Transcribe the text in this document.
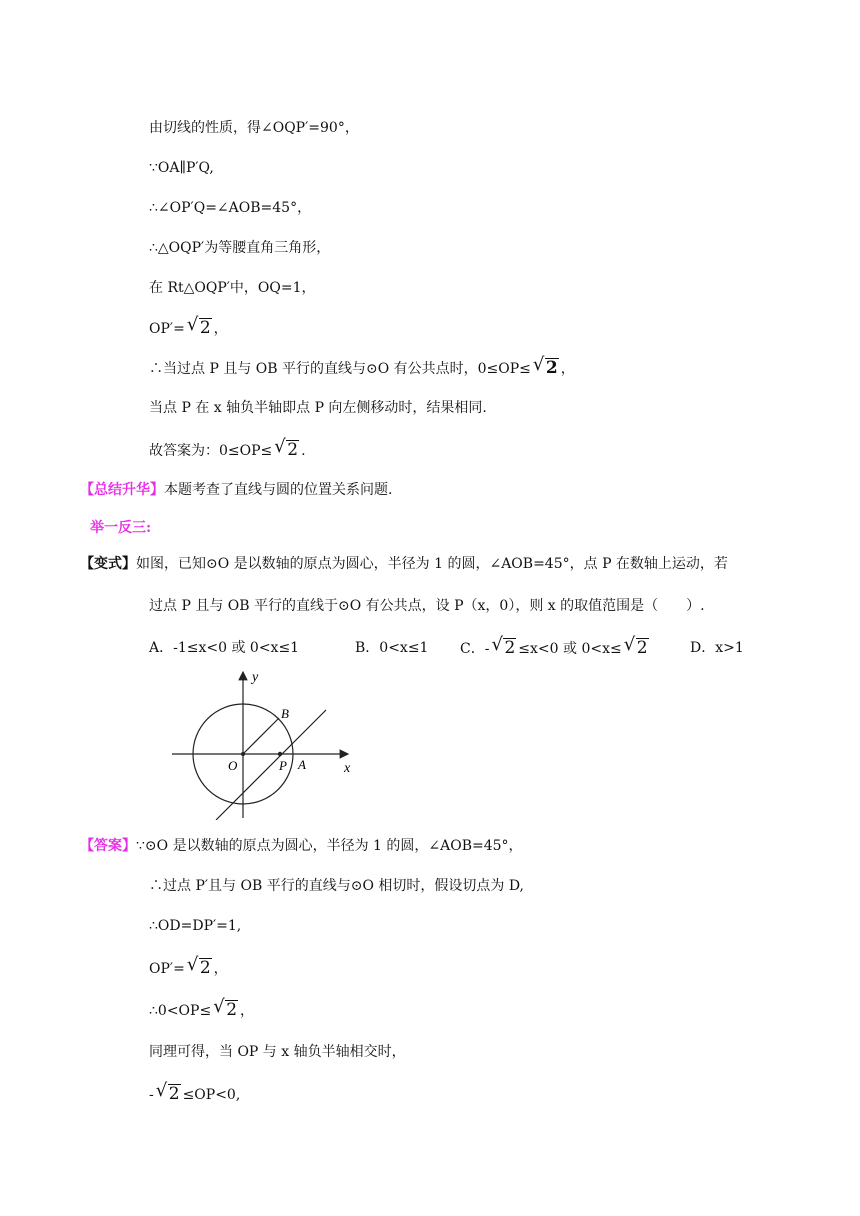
由切线的性质，得∠OQP′=90°，
∵OA∥P′Q,
∴∠OP′Q=∠AOB=45°，
∴△OQP′为等腰直角三角形，
在 Rt△OQP′中，OQ=1，
OP′= √ 2 ，
∴当过点 P 且与 OB 平行的直线与⊙O 有公共点时，0≤OP≤ √ 2 ，
当点 P 在 x 轴负半轴即点 P 向左侧移动时，结果相同.
故答案为：0≤OP≤ √ 2 .
【总结升华】本题考查了直线与圆的位置关系问题.
举一反三:
【变式】如图，已知⊙O 是以数轴的原点为圆心，半径为 1 的圆，∠AOB=45°，点 P 在数轴上运动，若
过点 P 且与 OB 平行的直线于⊙O 有公共点，设 P（x，0），则 x 的取值范围是（　　）.
A．-1≤x<0 或 0<x≤1	B．0<x≤1 C．- √ 2 ≤x<0 或 0<x≤ √ 2	D．x>1
y
x
B
O	P A
【答案】∵⊙O 是以数轴的原点为圆心，半径为 1 的圆，∠AOB=45°，
∴过点 P′且与 OB 平行的直线与⊙O 相切时，假设切点为 D,
∴OD=DP′=1,
OP′= √ 2 ，
∴0<OP≤ √ 2 ，
同理可得，当 OP 与 x 轴负半轴相交时，
- √ 2 ≤OP<0,
